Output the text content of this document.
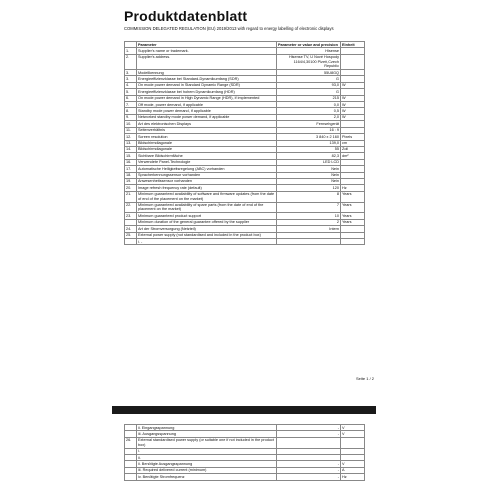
Produktdatenblatt
COMMISSION DELEGATED REGULATION (EU) 2019/2013 with regard to energy labelling of electronic displays
	Parameter	Parameter or value and precision	Einheit
1.	Supplier's name or trademark.	Hisense	
2.	Supplier's address.	Hisense TV, U Nové Hospody 1164/4,30100 Plzeň,Czech Republic	
3.	Modellkennung	55U8GQ	
3.	Energieeffizienzklasse bei Standard-Dynamikumfang (SDR)	G	
4.	On mode power demand in Standard Dynamic Range (SDR)	93,0	W
5.	Energieeffizienzklasse bei hohem Dynamikumfang (HDR)	G	
6.	On mode power demand in High Dynamic Range (HDR), if implemented	215	W
7.	Off mode, power demand, if applicable	0,0	W
8.	Standby mode power demand, if applicable	0,5	W
9.	Networked standby mode power demand, if applicable	2,0	W
10.	Art des elektronischen Displays	Fernsehgerät	
11.	Seitenverhältnis	16 : 9	
12.	Screen resolution	3 840 x 2 160	Pixels
13.	Bildschirmdiagonale	139,0	cm
14.	Bildschirmdiagonale	55	Zoll
15.	Sichtbare Bildschirmfläche	82,3	dm²
16.	Verwendete Panel-Technologie	LED LCD	
17.	Automatische Helligkeitsregelung (ABC) vorhanden	Nein	
18.	Spracherkennungssensor vorhanden	Nein	
19.	Anwesenheitssensor vorhanden	Nein	
20.	Image refresh frequency rate (default)	120	Hz
21.	Minimum guaranteed availability of software and firmware updates (from the date of end of the placement on the market)	8	Years
22.	Minimum guaranteed availability of spare parts (from the date of end of the placement on the market)	7	Years
23.	Minimum guaranteed product support	10	Years
	Minimum duration of the general guarantee offered by the supplier	2	Years
24.	Art der Stromversorgung (Netzteil)	Intern	
25.	External power supply (not standardised and included in the product box)		
	i. -		
Seite 1 / 2
	ii. Eingangsspannung	-	V
	iii. Ausgangsspannung	-	V
26.	External standardised power supply (or suitable one if not included in the product box)		
	i.		
	ii.		
	ii. Benötigte Ausgangsspannung	-	V
	iii. Required delivered current (minimum)	-	A
	iv. Benötigte Stromfrequenz	-	Hz
